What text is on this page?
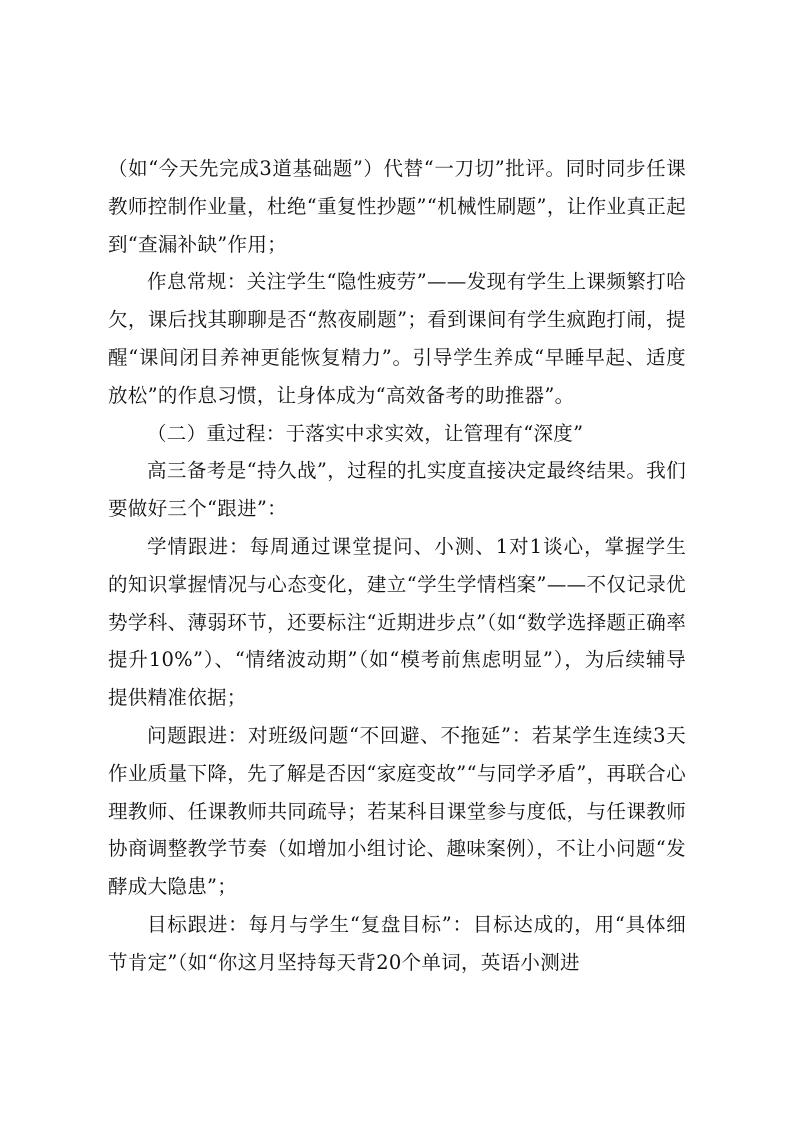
（如“今天先完成3道基础题”）代替“一刀切”批评。同时同步任课教师控制作业量，杜绝“重复性抄题”“机械性刷题”，让作业真正起到“查漏补缺”作用；

作息常规：关注学生“隐性疲劳”——发现有学生上课频繁打哈欠，课后找其聊聊是否“熬夜刷题”；看到课间有学生疯跑打闹，提醒“课间闭目养神更能恢复精力”。引导学生养成“早睡早起、适度放松”的作息习惯，让身体成为“高效备考的助推器”。

（二）重过程：于落实中求实效，让管理有“深度”

高三备考是“持久战”，过程的扎实度直接决定最终结果。我们要做好三个“跟进”：

学情跟进：每周通过课堂提问、小测、1对1谈心，掌握学生的知识掌握情况与心态变化，建立“学生学情档案”——不仅记录优势学科、薄弱环节，还要标注“近期进步点”（如“数学选择题正确率提升10%”）、“情绪波动期”（如“模考前焦虑明显”），为后续辅导提供精准依据；

问题跟进：对班级问题“不回避、不拖延”：若某学生连续3天作业质量下降，先了解是否因“家庭变故”“与同学矛盾”，再联合心理教师、任课教师共同疏导；若某科目课堂参与度低，与任课教师协商调整教学节奏（如增加小组讨论、趣味案例），不让小问题“发酵成大隐患”；

目标跟进：每月与学生“复盘目标”：目标达成的，用“具体细节肯定”（如“你这月坚持每天背20个单词，英语小测进
